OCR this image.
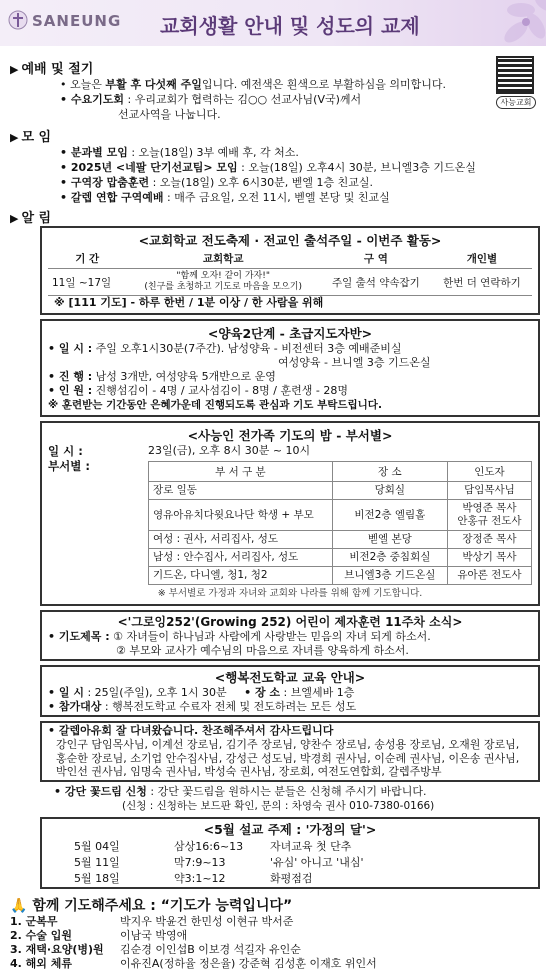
SANEUNG 교회생활 안내 및 성도의 교제
사능교회
▶ 예배 및 절기
• 오늘은 부활 후 다섯째 주일입니다. 예전색은 흰색으로 부활하심을 의미합니다.
• 수요기도회 : 우리교회가 협력하는 김○○ 선교사님(V국)께서
선교사역을 나눕니다.
▶ 모 임
• 분과별 모임 : 오늘(18일) 3부 예배 후, 각 처소.
• 2025년 <네팔 단기선교팀> 모임 : 오늘(18일) 오후4시 30분, 브니엘3층 기드온실
• 구역장 맙춤훈련 : 오늘(18일) 오후 6시30분, 벧엘 1층 친교실.
• 갈렙 연합 구역예배 : 매주 금요일, 오전 11시, 벧엘 본당 및 친교실
▶ 알 림
<교회학교 전도축제 · 전교인 출석주일 - 이번주 활동>
기 간	교회학교	구 역	개인별
11일 ~17일	"함께 오자! 같이 가자!"
(친구를 초청하고 기도로 마음을 모으기)	주일 출석 약속잡기	한번 더 연락하기
※ [111 기도] - 하루 한번 / 1분 이상 / 한 사람을 위해
<양육2단계 - 초급지도자반>
• 일 시 : 주일 오후1시30분(7주간). 남성양육 - 비전센터 3층 예배준비실
여성양육 - 브니엘 3층 기드온실
• 진 행 : 남성 3개반, 여성양육 5개반으로 운영
• 인 원 : 진행섬김이 - 4명 / 교사섬김이 - 8명 / 훈련생 - 28명
※ 훈련받는 기간동안 은혜가운데 진행되도록 관심과 기도 부탁드립니다.
<사능인 전가족 기도의 밤 - 부서별>
일 시 :
부서별 :
23일(금), 오후 8시 30분 ~ 10시
부 서 구 분	장 소	인도자
장로 일동	당회실	담임목사님
영유아유치다윗요나단 학생 + 부모	비전2층 엘림홀	박영준 목사
안홍규 전도사
여성 : 권사, 서리집사, 성도	벧엘 본당	장정준 목사
남성 : 안수집사, 서리집사, 성도	비전2층 중침회실	박상기 목사
기드온, 다니엘, 청1, 청2	브니엘3층 기드온실	유아론 전도사
※ 부서별로 가정과 자녀와 교회와 나라를 위해 함께 기도합니다.
<'그로잉252'(Growing 252) 어린이 제자훈련 11주차 소식>
• 기도제목 : ① 자녀들이 하나님과 사람에게 사랑받는 믿음의 자녀 되게 하소서.
② 부모와 교사가 예수님의 마음으로 자녀를 양육하게 하소서.
<행복전도학교 교육 안내>
• 일 시 : 25일(주일), 오후 1시 30분 • 장 소 : 브엘세바 1층
• 참가대상 : 행복전도학교 수료자 전체 및 전도하려는 모든 성도
• 갈렙아유회 잘 다녀왔습니다. 찬조해주셔서 감사드립니다
강인구 담임목사님, 이계선 장로님, 김기주 장로님, 양찬수 장로님, 송성용 장로님, 오재원 장로님, 홍순한 장로님, 소기업 안수집사님, 강성근 성도님, 박경희 권사님, 이순례 권사님, 이은송 권사님, 박인선 권사님, 임명숙 권사님, 박성숙 권사님, 장로회, 여전도연합회, 갈렙주방부
• 강단 꽃드림 신청 : 강단 꽃드림을 원하시는 분들은 신청해 주시기 바랍니다.
(신청 : 신청하는 보드판 확인, 문의 : 차영숙 권사 010-7380-0166)
<5월 설교 주제 : '가정의 달'>
5월 04일	삼상16:6~13	자녀교육 첫 단추
5월 11일	막7:9~13	'유심' 아니고 '내심'
5월 18일	약3:1~12	화평점검
🙏 함께 기도해주세요 : “기도가 능력입니다”
1. 군복무	박지우 박윤건 한민성 이현규 박서준
2. 수술 입원	이남국 박영애
3. 재택·요양(병)원	김순경 이인섭B 이보경 석길자 유인순
4. 해외 체류	이유진A(정하율 정은율) 강준혁 김성훈 이재호 위인서
